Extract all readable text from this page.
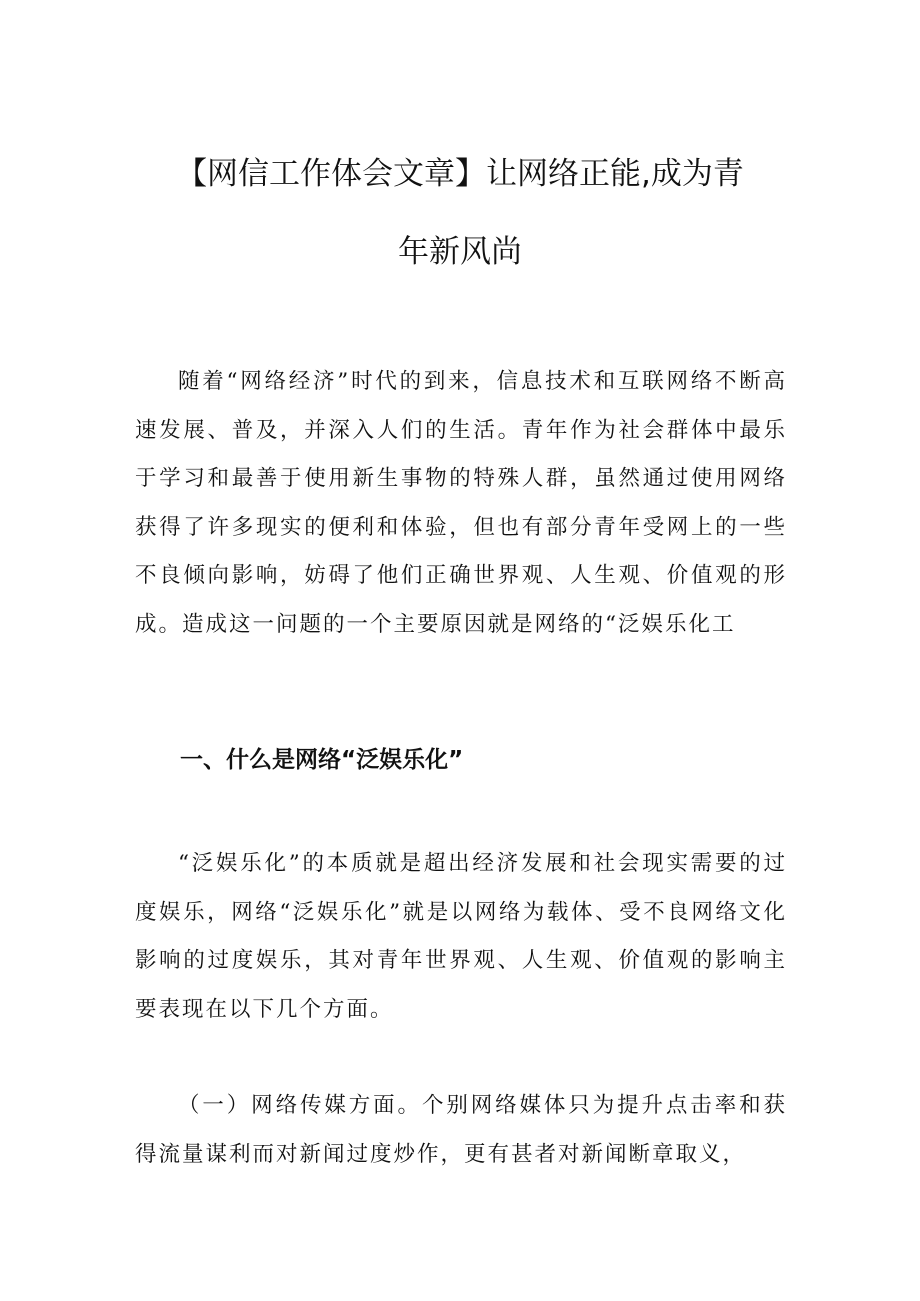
【网信工作体会文章】让网络正能,成为青
年新风尚

随着“网络经济”时代的到来，信息技术和互联网络不断高速发展、普及，并深入人们的生活。青年作为社会群体中最乐于学习和最善于使用新生事物的特殊人群，虽然通过使用网络获得了许多现实的便利和体验，但也有部分青年受网上的一些不良倾向影响，妨碍了他们正确世界观、人生观、价值观的形成。造成这一问题的一个主要原因就是网络的“泛娱乐化工

一、什么是网络“泛娱乐化”

“泛娱乐化”的本质就是超出经济发展和社会现实需要的过度娱乐，网络“泛娱乐化”就是以网络为载体、受不良网络文化影响的过度娱乐，其对青年世界观、人生观、价值观的影响主要表现在以下几个方面。

（一）网络传媒方面。个别网络媒体只为提升点击率和获得流量谋利而对新闻过度炒作，更有甚者对新闻断章取义，
